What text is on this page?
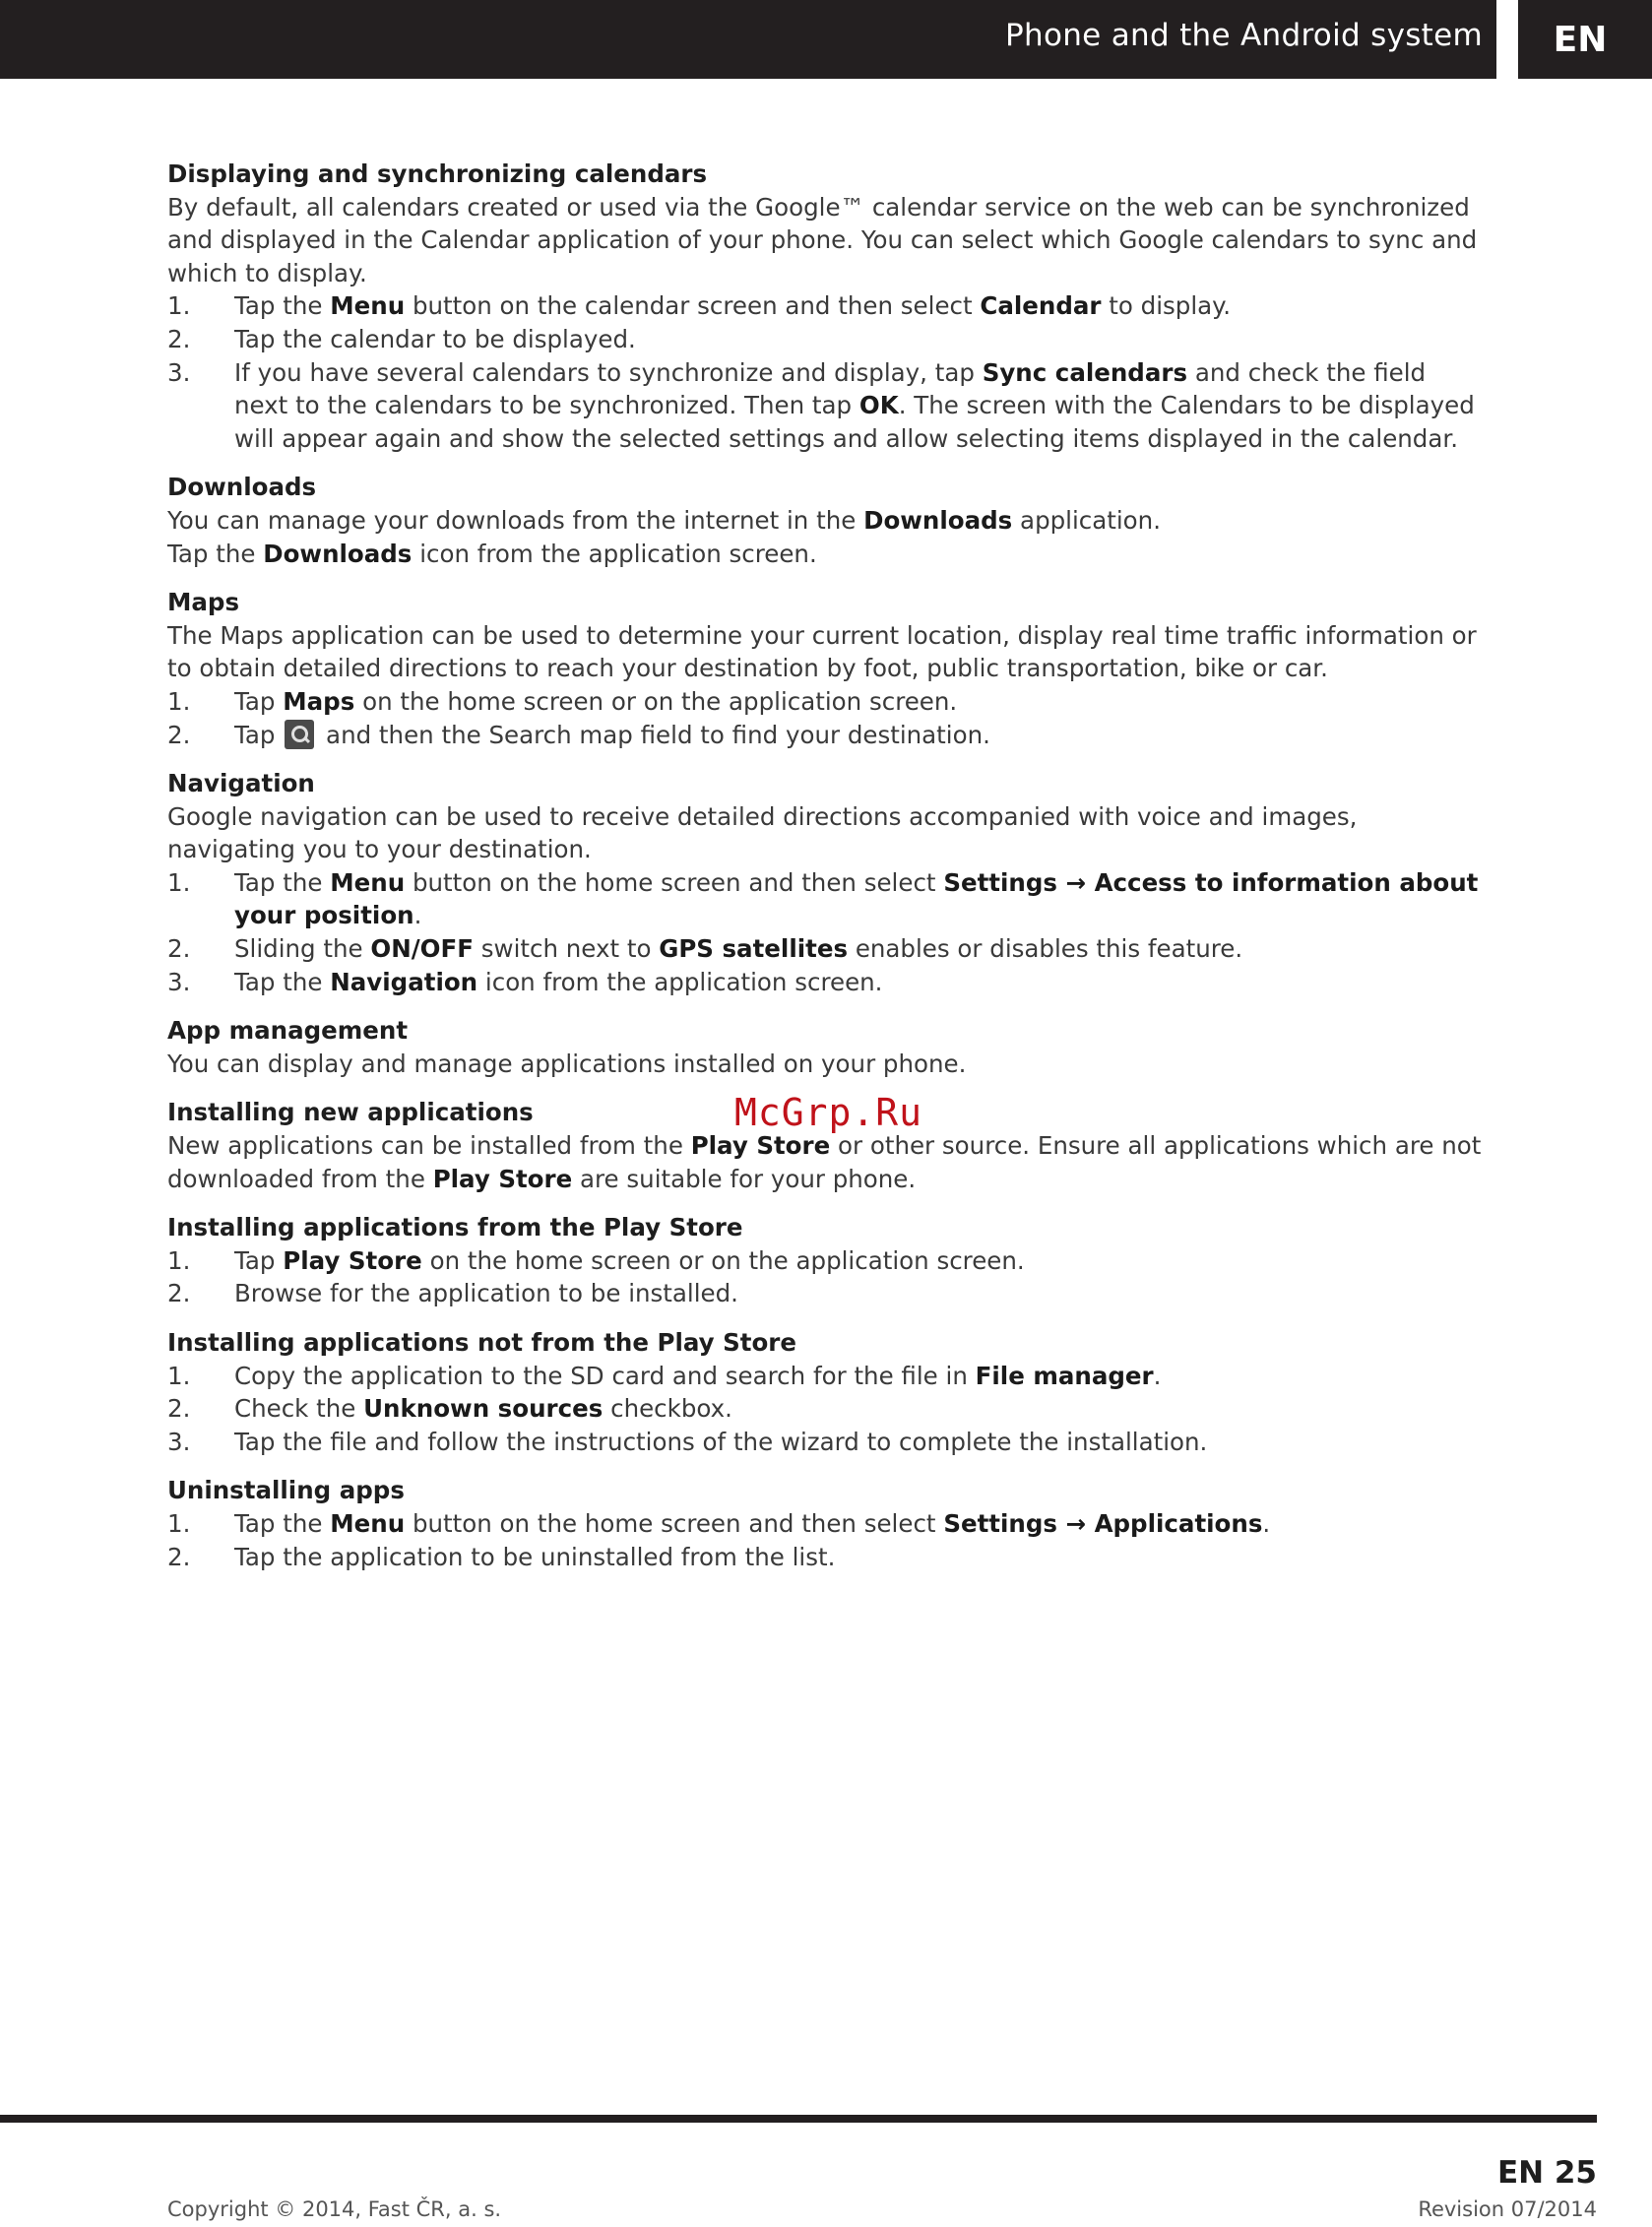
Phone and the Android system	EN
Displaying and synchronizing calendars

By default, all calendars created or used via the Google™ calendar service on the web can be synchronized and displayed in the Calendar application of your phone. You can select which Google calendars to sync and which to display.

1.	Tap the Menu button on the calendar screen and then select Calendar to display.
2.	Tap the calendar to be displayed.
3.	If you have several calendars to synchronize and display, tap Sync calendars and check the field next to the calendars to be synchronized. Then tap OK. The screen with the Calendars to be displayed will appear again and show the selected settings and allow selecting items displayed in the calendar.
Downloads

You can manage your downloads from the internet in the Downloads application.

Tap the Downloads icon from the application screen.

Maps

The Maps application can be used to determine your current location, display real time traffic information or to obtain detailed directions to reach your destination by foot, public transportation, bike or car.

1.	Tap Maps on the home screen or on the application screen.
2.	Tap  and then the Search map field to find your destination.
Navigation

Google navigation can be used to receive detailed directions accompanied with voice and images, navigating you to your destination.

1.	Tap the Menu button on the home screen and then select Settings → Access to information about your position.
2.	Sliding the ON/OFF switch next to GPS satellites enables or disables this feature.
3.	Tap the Navigation icon from the application screen.
App management

You can display and manage applications installed on your phone.

Installing new applications

New applications can be installed from the Play Store or other source. Ensure all applications which are not downloaded from the Play Store are suitable for your phone.

Installing applications from the Play Store
1.	Tap Play Store on the home screen or on the application screen.
2.	Browse for the application to be installed.
Installing applications not from the Play Store
1.	Copy the application to the SD card and search for the file in File manager.
2.	Check the Unknown sources checkbox.
3.	Tap the file and follow the instructions of the wizard to complete the installation.
Uninstalling apps
1.	Tap the Menu button on the home screen and then select Settings → Applications.
2.	Tap the application to be uninstalled from the list.
McGrp.Ru
EN 25
Copyright © 2014, Fast ČR, a. s.	Revision 07/2014
